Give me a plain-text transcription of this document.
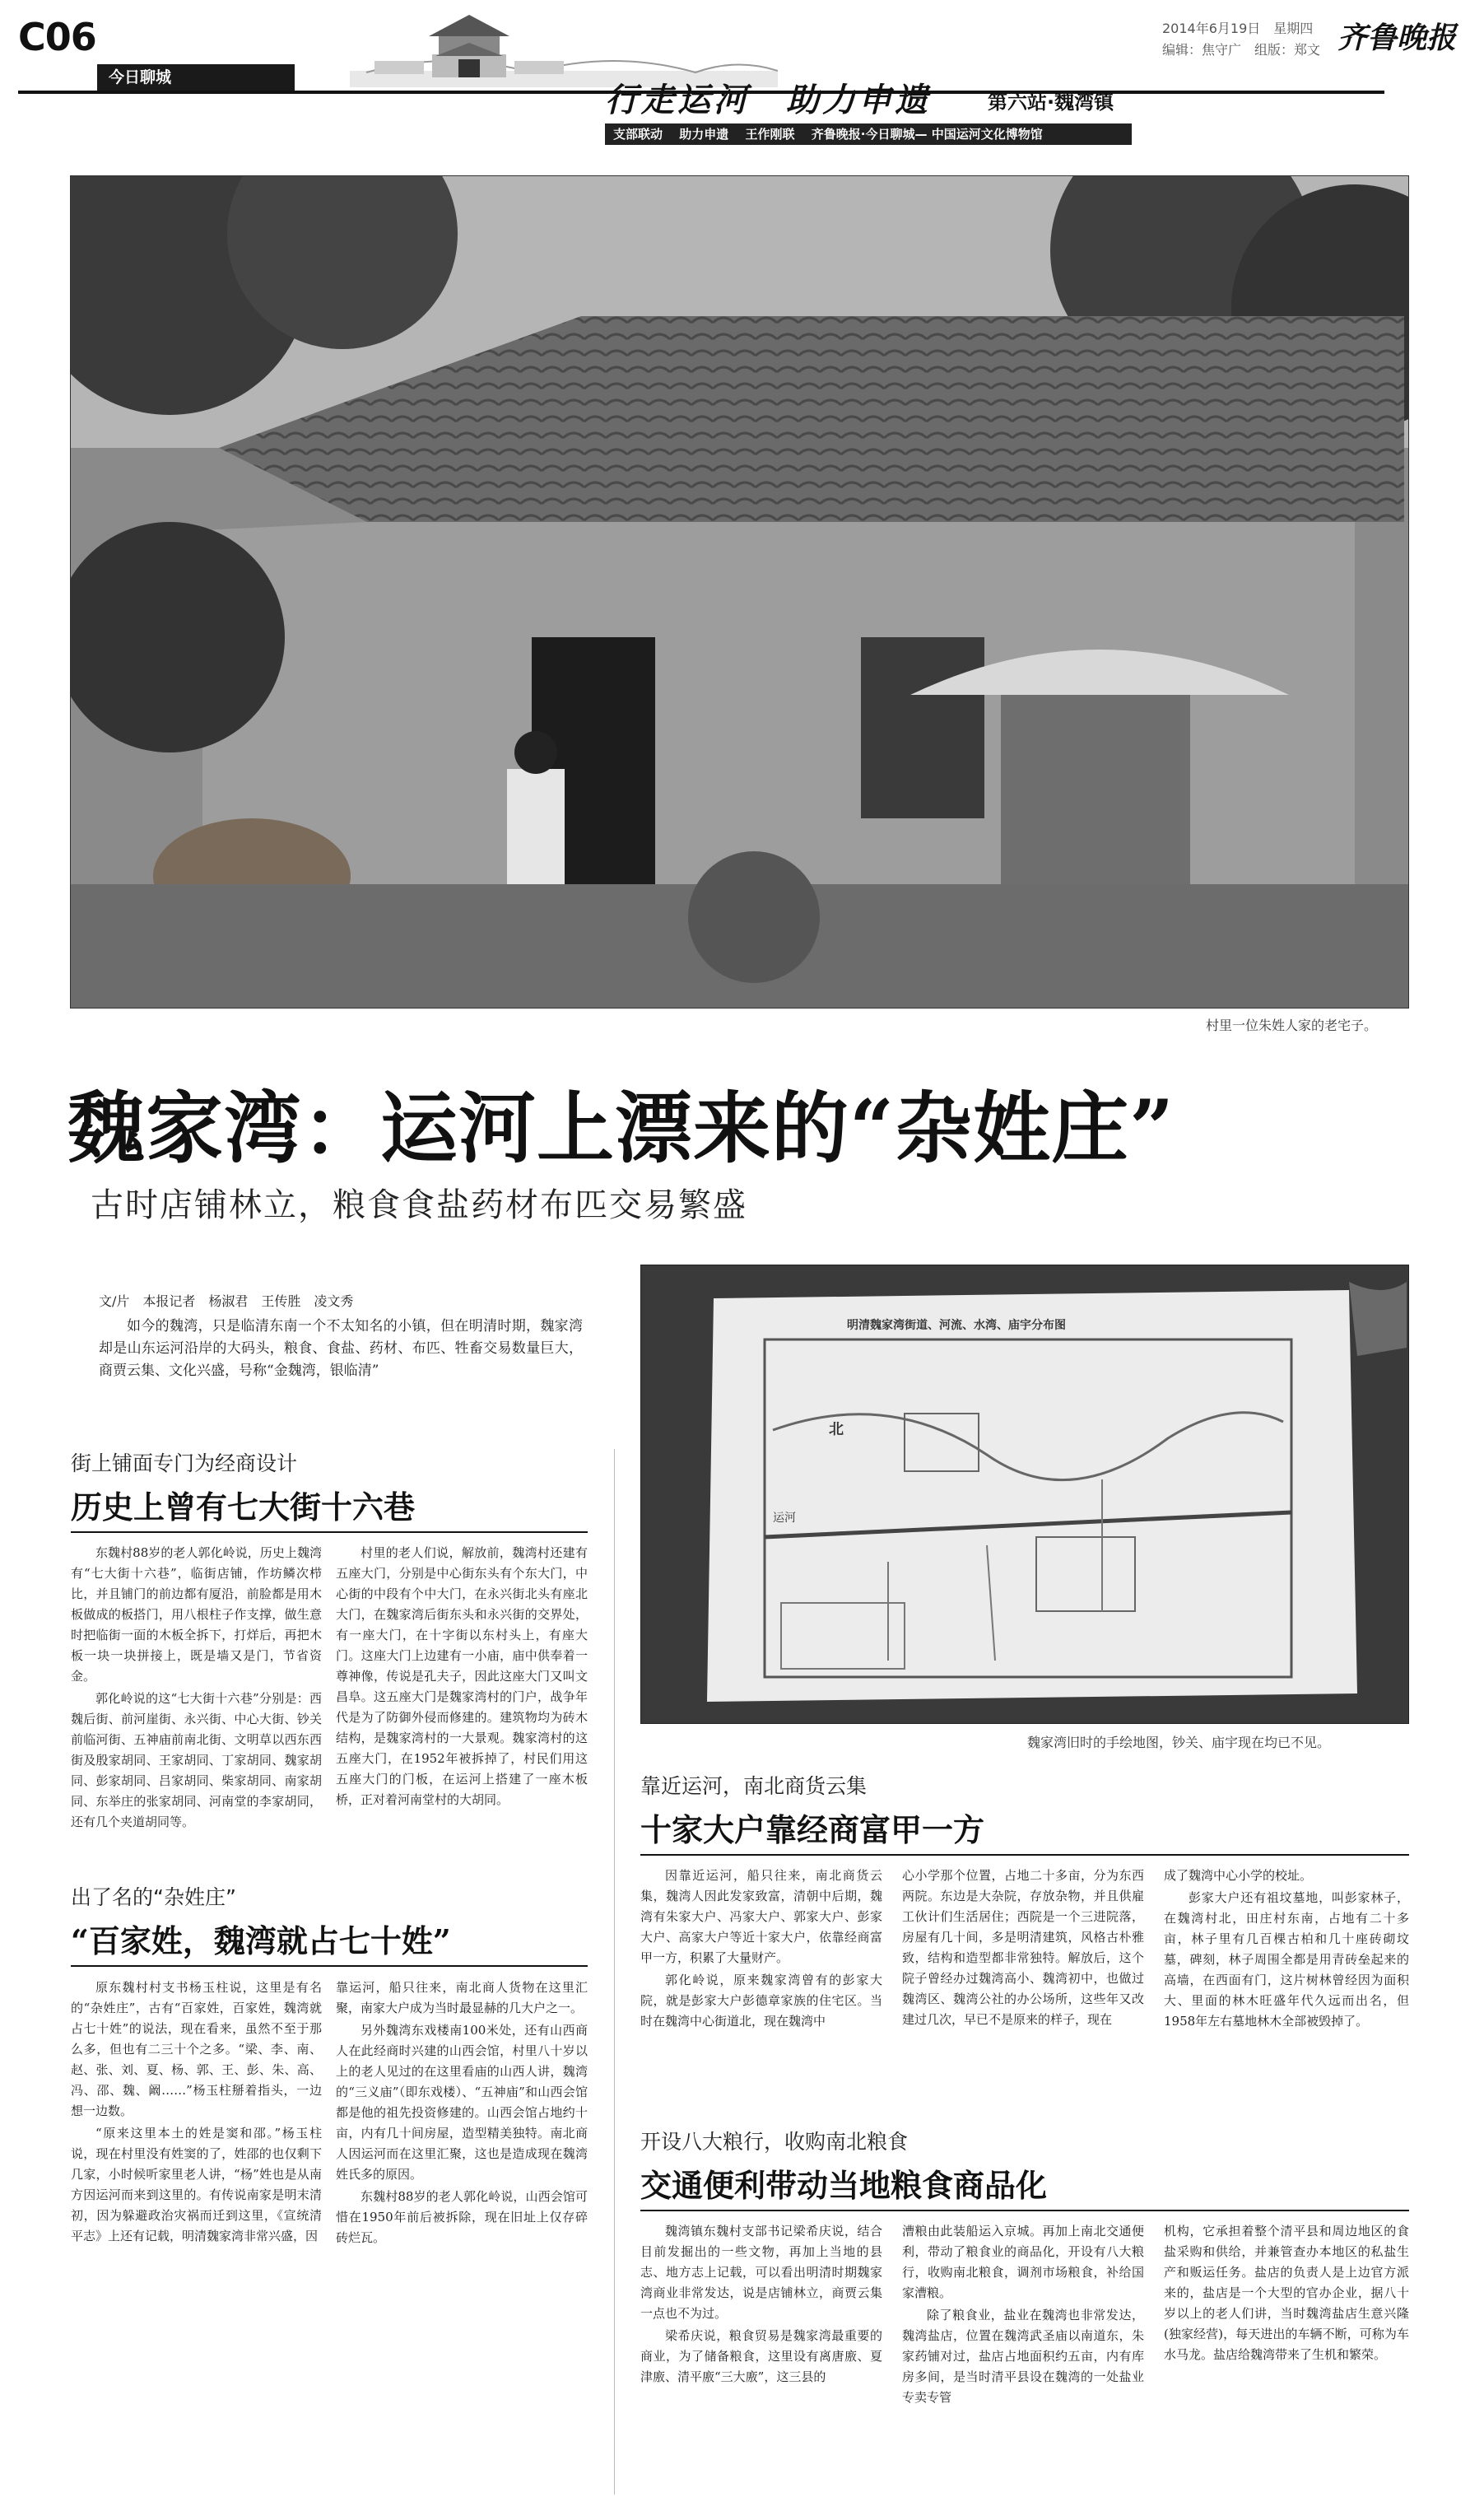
C06
今日聊城
行走运河　助力申遗	第六站·魏湾镇
支部联动　 助力申遗　 王作刚联　 齐鲁晚报·今日聊城— 中国运河文化博物馆
2014年6月19日　星期四
编辑：焦守广　组版：郑文 齐鲁晚报
村里一位朱姓人家的老宅子。
魏家湾：运河上漂来的“杂姓庄”
古时店铺林立，粮食食盐药材布匹交易繁盛
文/片　本报记者　杨淑君　王传胜　凌文秀
如今的魏湾，只是临清东南一个不太知名的小镇，但在明清时期，魏家湾却是山东运河沿岸的大码头，粮食、食盐、药材、布匹、牲畜交易数量巨大，商贾云集、文化兴盛，号称“金魏湾，银临清”
明清魏家湾街道、河流、水湾、庙宇分布图
运河
北
魏家湾旧时的手绘地图，钞关、庙宇现在均已不见。
街上铺面专门为经商设计
历史上曾有七大街十六巷

东魏村88岁的老人郭化岭说，历史上魏湾有“七大街十六巷”，临街店铺，作坊鳞次栉比，并且铺门的前边都有厦沿，前脸都是用木板做成的板搭门，用八根柱子作支撑，做生意时把临街一面的木板全拆下，打烊后，再把木板一块一块拼接上，既是墙又是门，节省资金。

郭化岭说的这“七大街十六巷”分别是：西魏后街、前河崖街、永兴街、中心大街、钞关前临河街、五神庙前南北街、文明草以西东西街及殷家胡同、王家胡同、丁家胡同、魏家胡同、彭家胡同、吕家胡同、柴家胡同、南家胡同、东举庄的张家胡同、河南堂的李家胡同，还有几个夹道胡同等。

村里的老人们说，解放前，魏湾村还建有五座大门，分别是中心街东头有个东大门，中心街的中段有个中大门，在永兴街北头有座北大门，在魏家湾后街东头和永兴街的交界处，有一座大门，在十字街以东村头上，有座大门。这座大门上边建有一小庙，庙中供奉着一尊神像，传说是孔夫子，因此这座大门又叫文昌阜。这五座大门是魏家湾村的门户，战争年代是为了防御外侵而修建的。建筑物均为砖木结构，是魏家湾村的一大景观。魏家湾村的这五座大门，在1952年被拆掉了，村民们用这五座大门的门板，在运河上搭建了一座木板桥，正对着河南堂村的大胡同。

出了名的“杂姓庄”
“百家姓，魏湾就占七十姓”

原东魏村村支书杨玉柱说，这里是有名的“杂姓庄”，古有“百家姓，百家姓，魏湾就占七十姓”的说法，现在看来，虽然不至于那么多，但也有二三十个之多。“梁、李、南、赵、张、刘、夏、杨、郭、王、彭、朱、高、冯、邵、魏、阚……”杨玉柱掰着指头，一边想一边数。

“原来这里本土的姓是窦和邵。”杨玉柱说，现在村里没有姓窦的了，姓邵的也仅剩下几家，小时候听家里老人讲，“杨”姓也是从南方因运河而来到这里的。有传说南家是明末清初，因为躲避政治灾祸而迁到这里，《宣统清平志》上还有记载，明清魏家湾非常兴盛，因

靠运河，船只往来，南北商人货物在这里汇聚，南家大户成为当时最显赫的几大户之一。

另外魏湾东戏楼南100米处，还有山西商人在此经商时兴建的山西会馆，村里八十岁以上的老人见过的在这里看庙的山西人讲，魏湾的“三义庙”（即东戏楼）、“五神庙”和山西会馆都是他的祖先投资修建的。山西会馆占地约十亩，内有几十间房屋，造型精美独特。南北商人因运河而在这里汇聚，这也是造成现在魏湾姓氏多的原因。

东魏村88岁的老人郭化岭说，山西会馆可惜在1950年前后被拆除，现在旧址上仅存碎砖烂瓦。

靠近运河，南北商货云集
十家大户靠经商富甲一方

因靠近运河，船只往来，南北商货云集，魏湾人因此发家致富，清朝中后期，魏湾有朱家大户、冯家大户、郭家大户、彭家大户、高家大户等近十家大户，依靠经商富甲一方，积累了大量财产。

郭化岭说，原来魏家湾曾有的彭家大院，就是彭家大户彭德章家族的住宅区。当时在魏湾中心街道北，现在魏湾中

心小学那个位置，占地二十多亩，分为东西两院。东边是大杂院，存放杂物，并且供雇工伙计们生活居住；西院是一个三进院落，房屋有几十间，多是明清建筑，风格古朴雅致，结构和造型都非常独特。解放后，这个院子曾经办过魏湾高小、魏湾初中，也做过魏湾区、魏湾公社的办公场所，这些年又改建过几次，早已不是原来的样子，现在

成了魏湾中心小学的校址。

彭家大户还有祖坟墓地，叫彭家林子，在魏湾村北，田庄村东南，占地有二十多亩，林子里有几百棵古柏和几十座砖砌坟墓，碑刻，林子周围全都是用青砖垒起来的高墙，在西面有门，这片树林曾经因为面积大、里面的林木旺盛年代久远而出名，但1958年左右墓地林木全部被毁掉了。

开设八大粮行，收购南北粮食
交通便利带动当地粮食商品化

魏湾镇东魏村支部书记梁希庆说，结合目前发掘出的一些文物，再加上当地的县志、地方志上记载，可以看出明清时期魏家湾商业非常发达，说是店铺林立，商贾云集一点也不为过。

梁希庆说，粮食贸易是魏家湾最重要的商业，为了储备粮食，这里设有离唐廒、夏津廒、清平廒“三大廒”，这三县的

漕粮由此装船运入京城。再加上南北交通便利，带动了粮食业的商品化，开设有八大粮行，收购南北粮食，调剂市场粮食，补给国家漕粮。

除了粮食业，盐业在魏湾也非常发达，魏湾盐店，位置在魏湾武圣庙以南道东，朱家药铺对过，盐店占地面积约五亩，内有库房多间，是当时清平县设在魏湾的一处盐业专卖专管

机构，它承担着整个清平县和周边地区的食盐采购和供给，并兼管查办本地区的私盐生产和贩运任务。盐店的负责人是上边官方派来的，盐店是一个大型的官办企业，据八十岁以上的老人们讲，当时魏湾盐店生意兴隆(独家经营)，每天进出的车辆不断，可称为车水马龙。盐店给魏湾带来了生机和繁荣。
